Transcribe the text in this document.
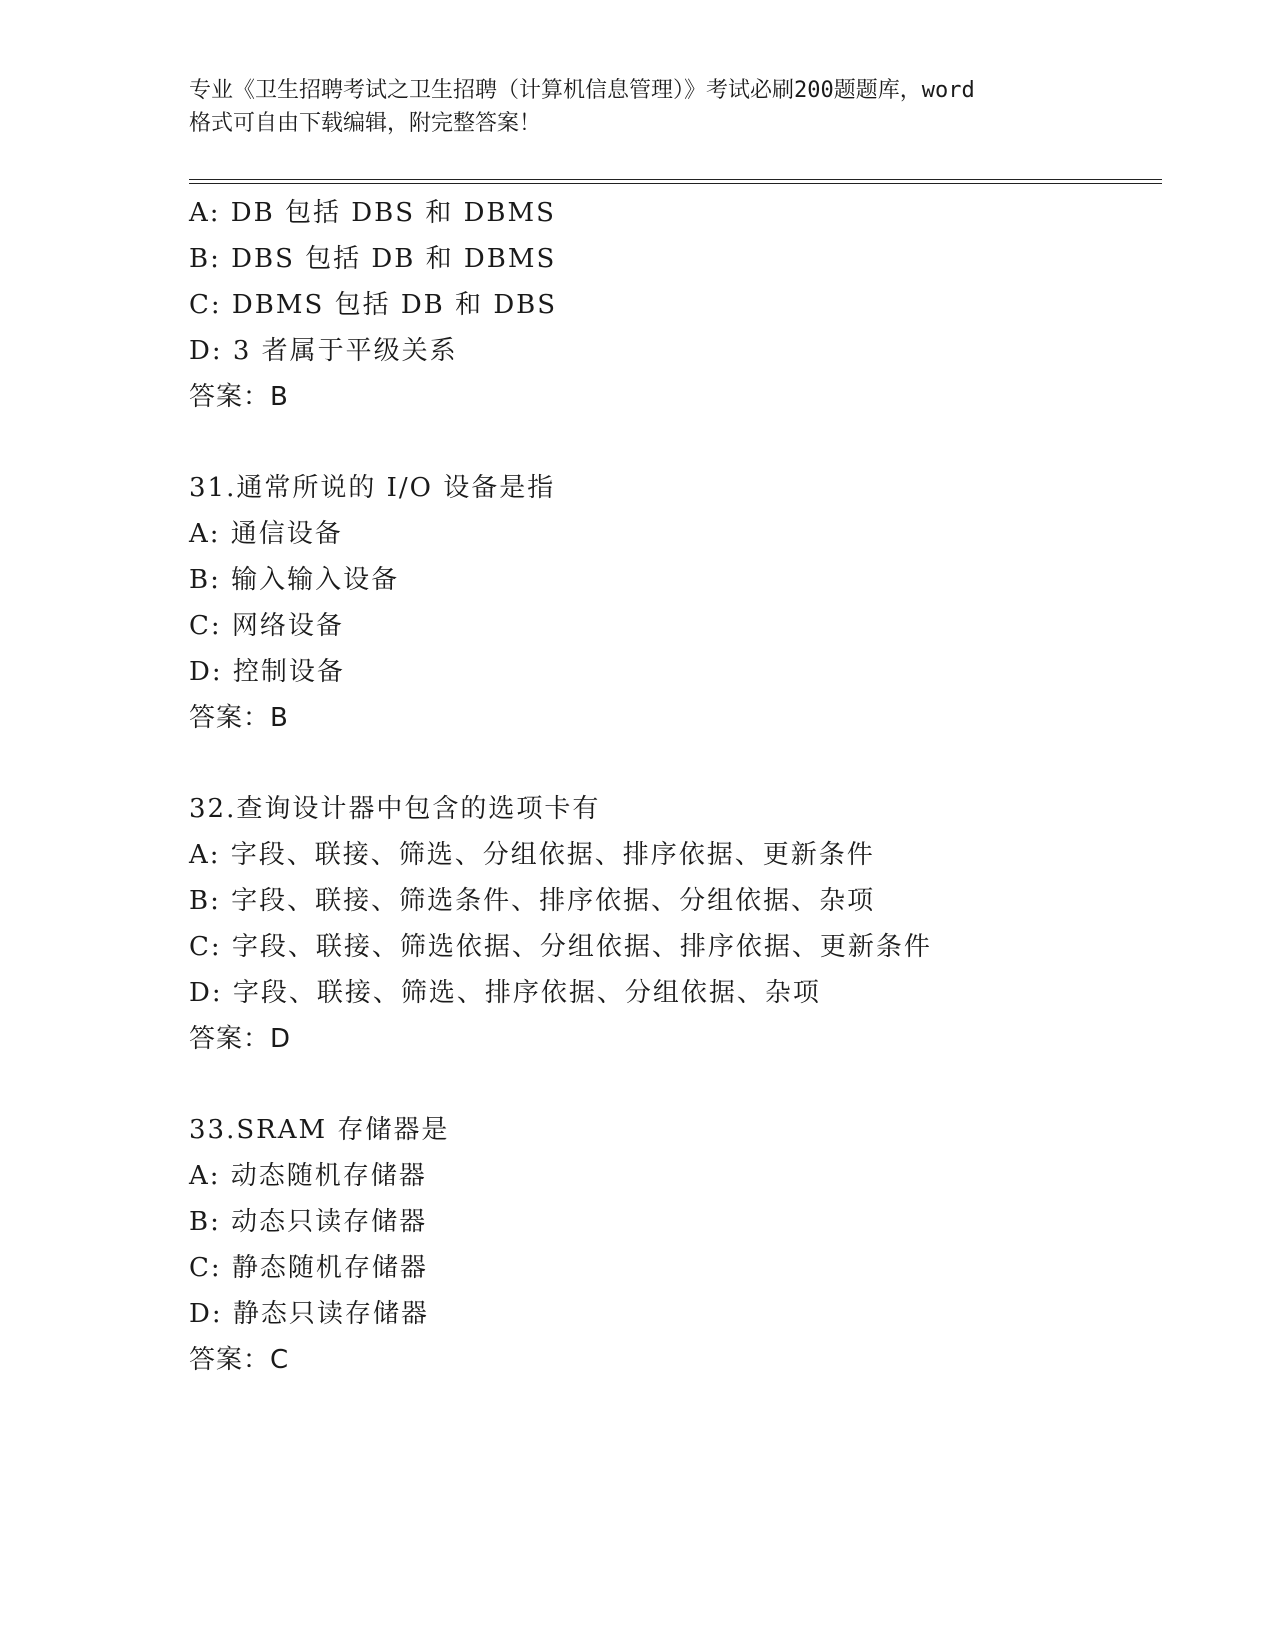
专业《卫生招聘考试之卫生招聘（计算机信息管理）》考试必刷200题题库，word
格式可自由下载编辑，附完整答案！
A: DB 包括 DBS 和 DBMS
B: DBS 包括 DB 和 DBMS
C: DBMS 包括 DB 和 DBS
D: 3 者属于平级关系
答案：B
31.通常所说的 I/O 设备是指
A: 通信设备
B: 输入输入设备
C: 网络设备
D: 控制设备
答案：B
32.查询设计器中包含的选项卡有
A: 字段、联接、筛选、分组依据、排序依据、更新条件
B: 字段、联接、筛选条件、排序依据、分组依据、杂项
C: 字段、联接、筛选依据、分组依据、排序依据、更新条件
D: 字段、联接、筛选、排序依据、分组依据、杂项
答案：D
33.SRAM 存储器是
A: 动态随机存储器
B: 动态只读存储器
C: 静态随机存储器
D: 静态只读存储器
答案：C
